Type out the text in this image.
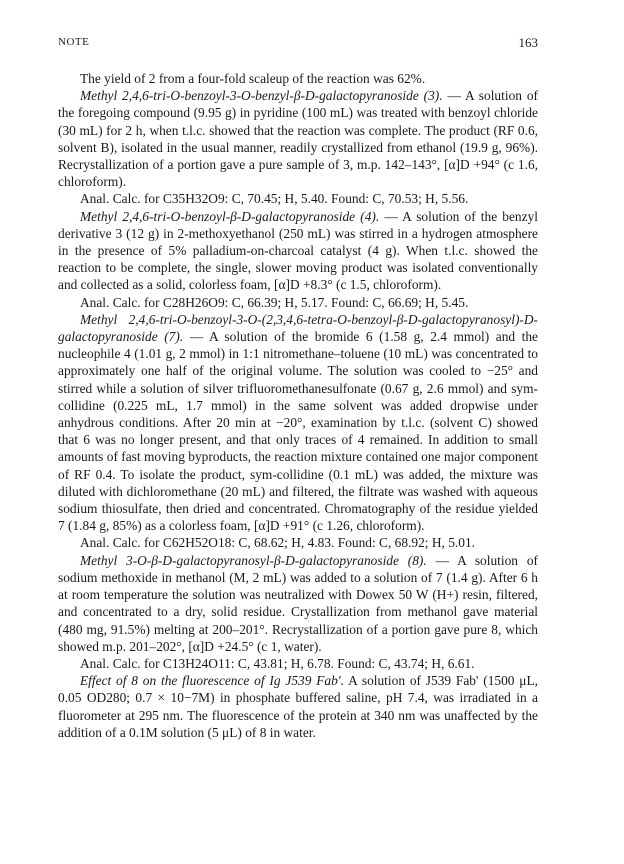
NOTE	163

The yield of 2 from a four-fold scaleup of the reaction was 62%.

Methyl 2,4,6-tri-O-benzoyl-3-O-benzyl-β-D-galactopyranoside (3). — A solution of the foregoing compound (9.95 g) in pyridine (100 mL) was treated with benzoyl chloride (30 mL) for 2 h, when t.l.c. showed that the reaction was complete. The product (RF 0.6, solvent B), isolated in the usual manner, readily crystallized from ethanol (19.9 g, 96%). Recrystallization of a portion gave a pure sample of 3, m.p. 142–143°, [α]D +94° (c 1.6, chloroform).

Anal. Calc. for C35H32O9: C, 70.45; H, 5.40. Found: C, 70.53; H, 5.56.

Methyl 2,4,6-tri-O-benzoyl-β-D-galactopyranoside (4). — A solution of the benzyl derivative 3 (12 g) in 2-methoxyethanol (250 mL) was stirred in a hydrogen atmosphere in the presence of 5% palladium-on-charcoal catalyst (4 g). When t.l.c. showed the reaction to be complete, the single, slower moving product was isolated conventionally and collected as a solid, colorless foam, [α]D +8.3° (c 1.5, chloroform).

Anal. Calc. for C28H26O9: C, 66.39; H, 5.17. Found: C, 66.69; H, 5.45.

Methyl 2,4,6-tri-O-benzoyl-3-O-(2,3,4,6-tetra-O-benzoyl-β-D-galactopyranosyl)-D-galactopyranoside (7). — A solution of the bromide 6 (1.58 g, 2.4 mmol) and the nucleophile 4 (1.01 g, 2 mmol) in 1:1 nitromethane–toluene (10 mL) was concentrated to approximately one half of the original volume. The solution was cooled to −25° and stirred while a solution of silver trifluoromethanesulfonate (0.67 g, 2.6 mmol) and sym-collidine (0.225 mL, 1.7 mmol) in the same solvent was added dropwise under anhydrous conditions. After 20 min at −20°, examination by t.l.c. (solvent C) showed that 6 was no longer present, and that only traces of 4 remained. In addition to small amounts of fast moving byproducts, the reaction mixture contained one major component of RF 0.4. To isolate the product, sym-collidine (0.1 mL) was added, the mixture was diluted with dichloromethane (20 mL) and filtered, the filtrate was washed with aqueous sodium thiosulfate, then dried and concentrated. Chromatography of the residue yielded 7 (1.84 g, 85%) as a colorless foam, [α]D +91° (c 1.26, chloroform).

Anal. Calc. for C62H52O18: C, 68.62; H, 4.83. Found: C, 68.92; H, 5.01.

Methyl 3-O-β-D-galactopyranosyl-β-D-galactopyranoside (8). — A solution of sodium methoxide in methanol (M, 2 mL) was added to a solution of 7 (1.4 g). After 6 h at room temperature the solution was neutralized with Dowex 50 W (H+) resin, filtered, and concentrated to a dry, solid residue. Crystallization from methanol gave material (480 mg, 91.5%) melting at 200–201°. Recrystallization of a portion gave pure 8, which showed m.p. 201–202°, [α]D +24.5° (c 1, water).

Anal. Calc. for C13H24O11: C, 43.81; H, 6.78. Found: C, 43.74; H, 6.61.

Effect of 8 on the fluorescence of Ig J539 Fab'. A solution of J539 Fab' (1500 μL, 0.05 OD280; 0.7 × 10−7M) in phosphate buffered saline, pH 7.4, was irradiated in a fluorometer at 295 nm. The fluorescence of the protein at 340 nm was unaffected by the addition of a 0.1M solution (5 μL) of 8 in water.
